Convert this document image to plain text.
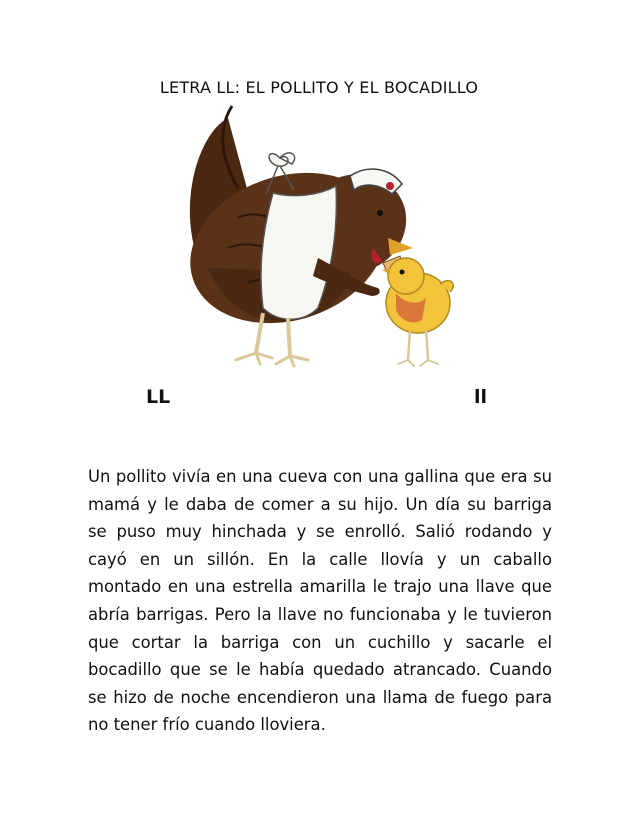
LETRA LL: EL POLLITO Y EL BOCADILLO
LL	ll
Un pollito vivía en una cueva con una gallina que era su mamá y le daba de comer a su hijo. Un día su barriga se puso muy hinchada y se enrolló. Salió rodando y cayó en un sillón. En la calle llovía y un caballo montado en una estrella amarilla le trajo una llave que abría barrigas. Pero la llave no funcionaba y le tuvieron que cortar la barriga con un cuchillo y sacarle el bocadillo que se le había quedado atrancado. Cuando se hizo de noche encendieron una llama de fuego para no tener frío cuando lloviera.
